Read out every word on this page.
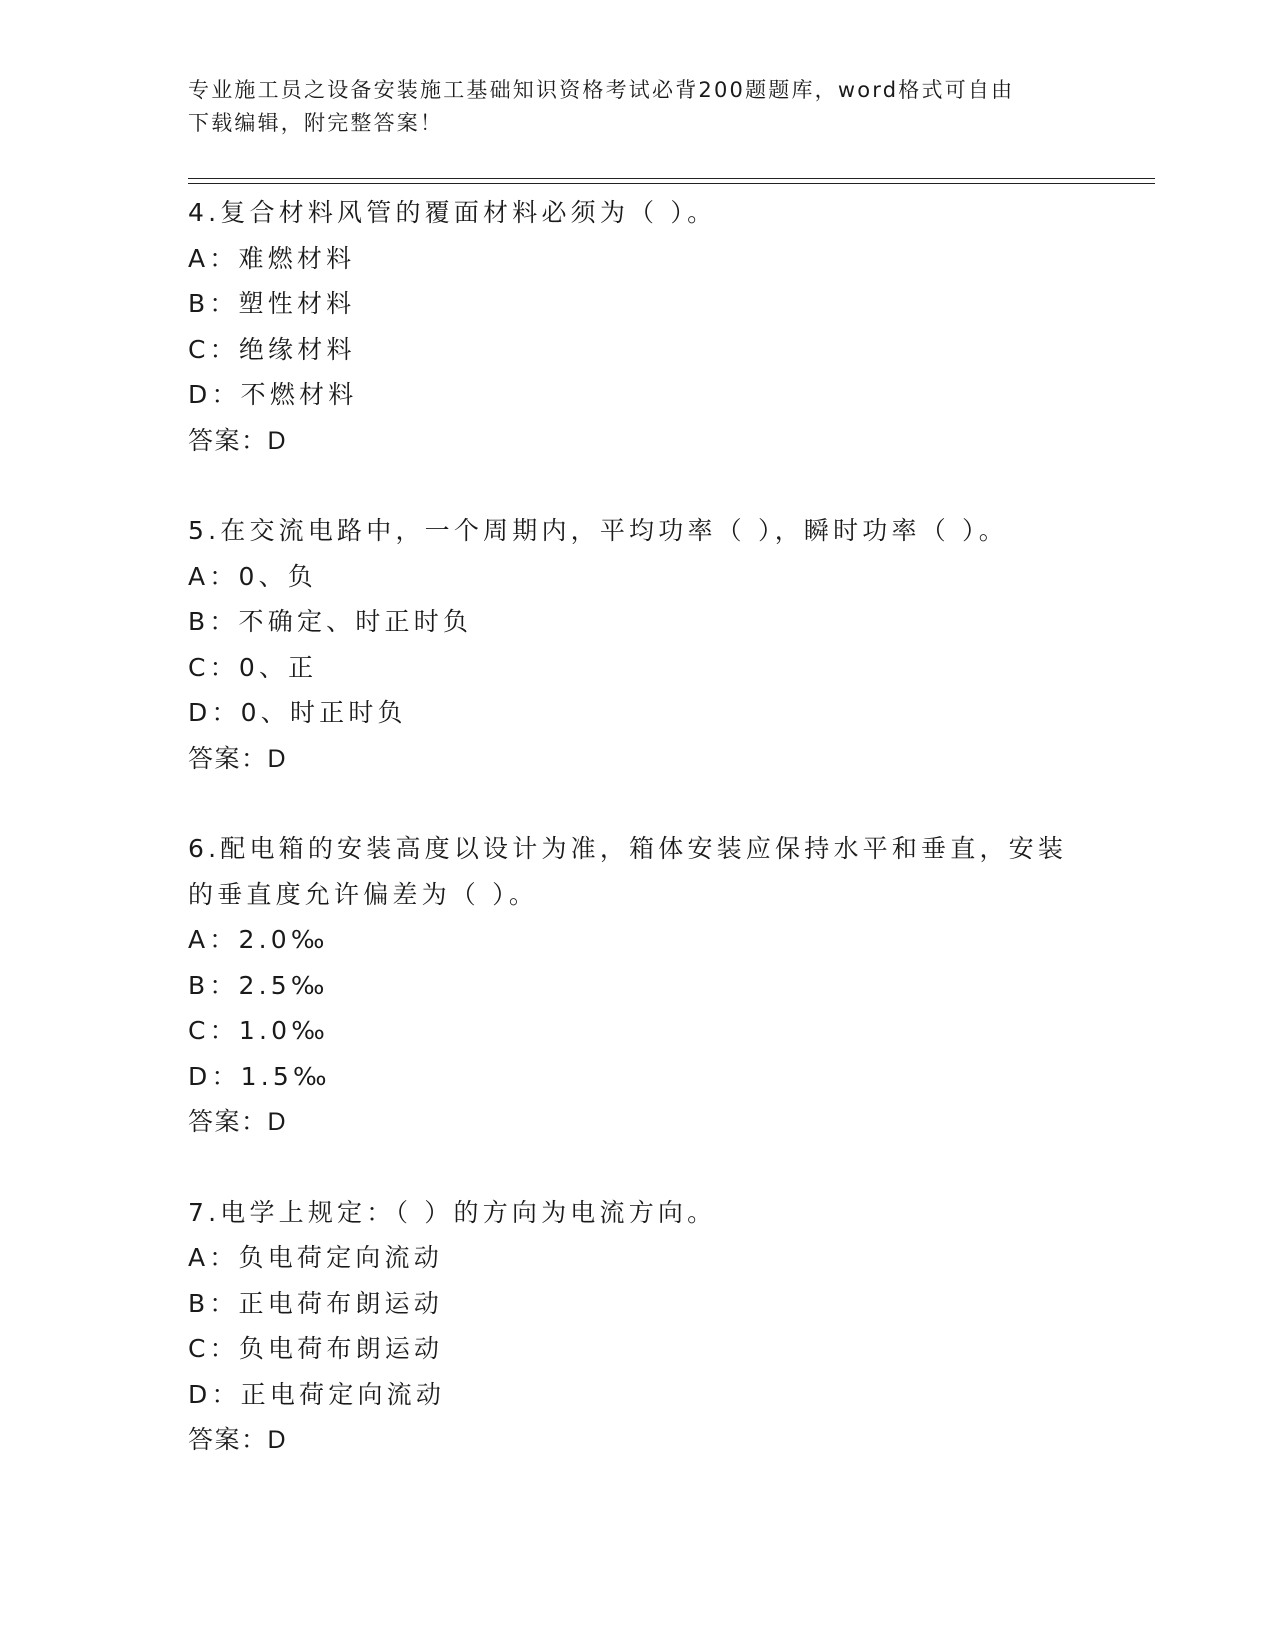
专业施工员之设备安装施工基础知识资格考试必背200题题库，word格式可自由
下载编辑，附完整答案！
4.复合材料风管的覆面材料必须为（ ）。
A：难燃材料
B：塑性材料
C：绝缘材料
D：不燃材料
答案：D
5.在交流电路中，一个周期内，平均功率（ ），瞬时功率（ ）。
A：0、负
B：不确定、时正时负
C：0、正
D：0、时正时负
答案：D
6.配电箱的安装高度以设计为准，箱体安装应保持水平和垂直，安装
的垂直度允许偏差为（ ）。
A：2.0‰
B：2.5‰
C：1.0‰
D：1.5‰
答案：D
7.电学上规定：（ ）的方向为电流方向。
A：负电荷定向流动
B：正电荷布朗运动
C：负电荷布朗运动
D：正电荷定向流动
答案：D
